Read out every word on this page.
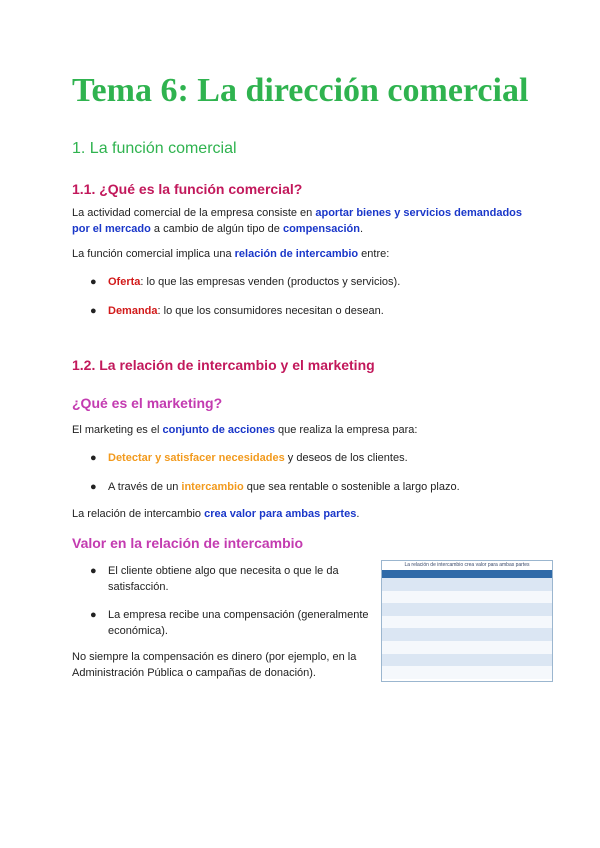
Tema 6: La dirección comercial
1. La función comercial
1.1. ¿Qué es la función comercial?

La actividad comercial de la empresa consiste en aportar bienes y servicios demandados
por el mercado a cambio de algún tipo de compensación.

La función comercial implica una relación de intercambio entre:

● Oferta: lo que las empresas venden (productos y servicios).
● Demanda: lo que los consumidores necesitan o desean.
1.2. La relación de intercambio y el marketing
¿Qué es el marketing?

El marketing es el conjunto de acciones que realiza la empresa para:

● Detectar y satisfacer necesidades y deseos de los clientes.
● A través de un intercambio que sea rentable o sostenible a largo plazo.

La relación de intercambio crea valor para ambas partes.

Valor en la relación de intercambio
● El cliente obtiene algo que necesita o que le da
satisfacción.
● La empresa recibe una compensación (generalmente
económica).

No siempre la compensación es dinero (por ejemplo, en la
Administración Pública o campañas de donación).

La relación de intercambio crea valor para ambas partes
